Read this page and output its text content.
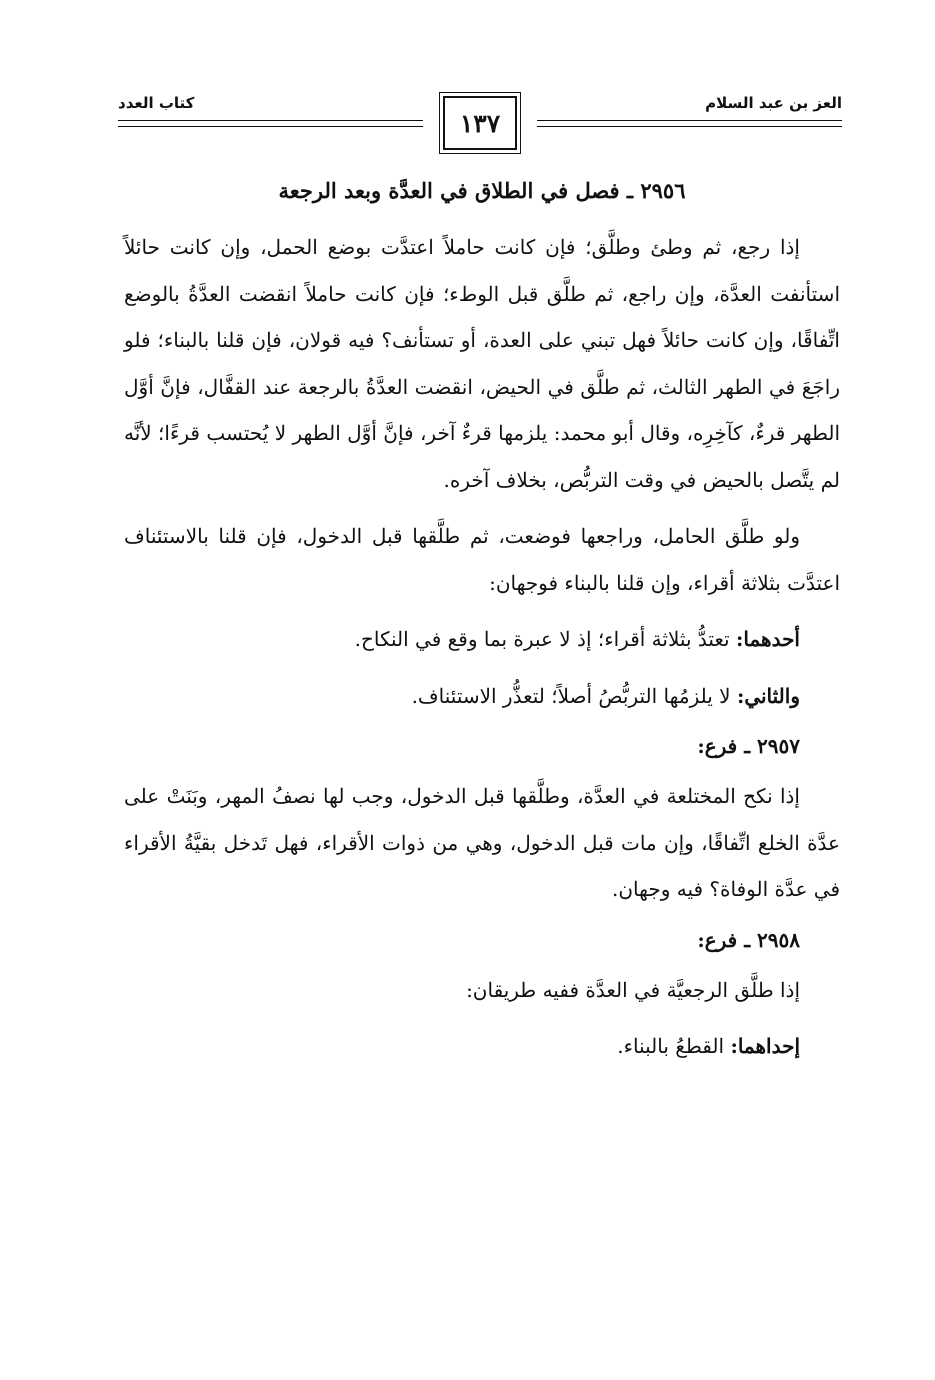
العز بن عبد السلام
١٣٧
كتاب العدد
٢٩٥٦ ـ فصل في الطلاق في العدَّة وبعد الرجعة

إذا رجع، ثم وطئ وطلَّق؛ فإن كانت حاملاً اعتدَّت بوضع الحمل، وإن كانت حائلاً استأنفت العدَّة، وإن راجع، ثم طلَّق قبل الوطء؛ فإن كانت حاملاً انقضت العدَّةُ بالوضع اتِّفاقًا، وإن كانت حائلاً فهل تبني على العدة، أو تستأنف؟ فيه قولان، فإن قلنا بالبناء؛ فلو راجَعَ في الطهر الثالث، ثم طلَّق في الحيض، انقضت العدَّةُ بالرجعة عند القفَّال، فإنَّ أوَّل الطهر قرءٌ، كآخِرِه، وقال أبو محمد: يلزمها قرءٌ آخر، فإنَّ أوَّل الطهر لا يُحتسب قرءًا؛ لأنَّه لم يتَّصل بالحيض في وقت التربُّص، بخلاف آخره.

ولو طلَّق الحامل، وراجعها فوضعت، ثم طلَّقها قبل الدخول، فإن قلنا بالاستئناف اعتدَّت بثلاثة أقراء، وإن قلنا بالبناء فوجهان:

أحدهما: تعتدُّ بثلاثة أقراء؛ إذ لا عبرة بما وقع في النكاح.

والثاني: لا يلزمُها التربُّصُ أصلاً؛ لتعذُّر الاستئناف.

٢٩٥٧ ـ فرع:

إذا نكح المختلعة في العدَّة، وطلَّقها قبل الدخول، وجب لها نصفُ المهر، وبَنَتْ على عدَّة الخلع اتِّفاقًا، وإن مات قبل الدخول، وهي من ذوات الأقراء، فهل تَدخل بقيَّةُ الأقراء في عدَّة الوفاة؟ فيه وجهان.

٢٩٥٨ ـ فرع:

إذا طلَّق الرجعيَّة في العدَّة ففيه طريقان:

إحداهما: القطعُ بالبناء.
